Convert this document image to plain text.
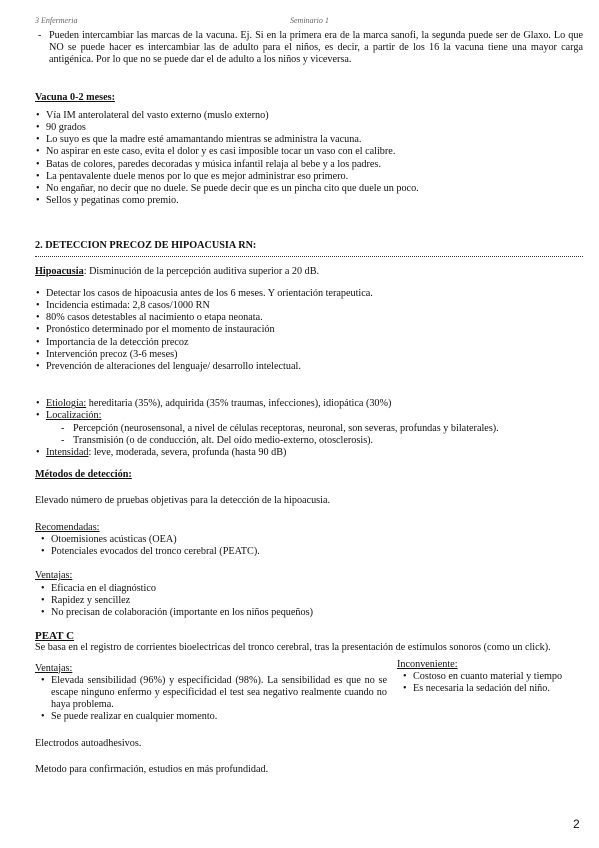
3 Enfermeria	Seminario 1
- Pueden intercambiar las marcas de la vacuna. Ej. Si en la primera era de la marca sanofi, la segunda puede ser de Glaxo. Lo que NO se puede hacer es intercambiar las de adulto para el niños, es decir, a partir de los 16 la vacuna tiene una mayor carga antigénica. Por lo que no se puede dar el de adulto a los niños y viceversa.

Vacuna 0-2 meses:

• Vía IM anterolateral del vasto externo (muslo externo)
• 90 grados
• Lo suyo es que la madre esté amamantando mientras se administra la vacuna.
• No aspirar en este caso, evita el dolor y es casi imposible tocar un vaso con el calibre.
• Batas de colores, paredes decoradas y música infantil relaja al bebe y a los padres.
• La pentavalente duele menos por lo que es mejor administrar eso primero.
• No engañar, no decir que no duele. Se puede decir que es un pincha cito que duele un poco.
• Sellos y pegatinas como premio.

2. DETECCION PRECOZ DE HIPOACUSIA RN:

Hipoacusia: Disminución de la percepción auditiva superior a 20 dB.

• Detectar los casos de hipoacusia antes de los 6 meses. Y orientación terapeutica.
• Incidencia estimada: 2,8 casos/1000 RN
• 80% casos detestables al nacimiento o etapa neonata.
• Pronóstico determinado por el momento de instauración
• Importancia de la detección precoz
• Intervención precoz (3-6 meses)
• Prevención de alteraciones del lenguaje/ desarrollo intelectual.
• Etiología: hereditaria (35%), adquirida (35% traumas, infecciones), idiopática (30%)
• Localización:
- Percepción (neurosensonal, a nivel de células receptoras, neuronal, son severas, profundas y bilaterales).
- Transmisión (o de conducción, alt. Del oído medio-externo, otosclerosis).
• Intensidad: leve, moderada, severa, profunda (hasta 90 dB)

Métodos de detección:

Elevado número de pruebas objetivas para la detección de la hipoacusia.

Recomendadas:

• Otoemisiones acústicas (OEA)
• Potenciales evocados del tronco cerebral (PEATC).

Ventajas:

• Eficacia en el diagnóstico
• Rapidez y sencillez
• No precisan de colaboración (importante en los niños pequeños)

PEAT C

Se basa en el registro de corrientes bioelectricas del tronco cerebral, tras la presentación de estímulos sonoros (como un click).

Ventajas:

• Elevada sensibilidad (96%) y especificidad (98%). La sensibilidad es que no se escape ninguno enfermo y especificidad el test sea negativo realmente cuando no haya problema.
• Se puede realizar en cualquier momento.

Inconveniente:

• Costoso en cuanto material y tiempo
• Es necesaria la sedación del niño.

Electrodos autoadhesivos.

Metodo para confirmación, estudios en más profundidad.

2
